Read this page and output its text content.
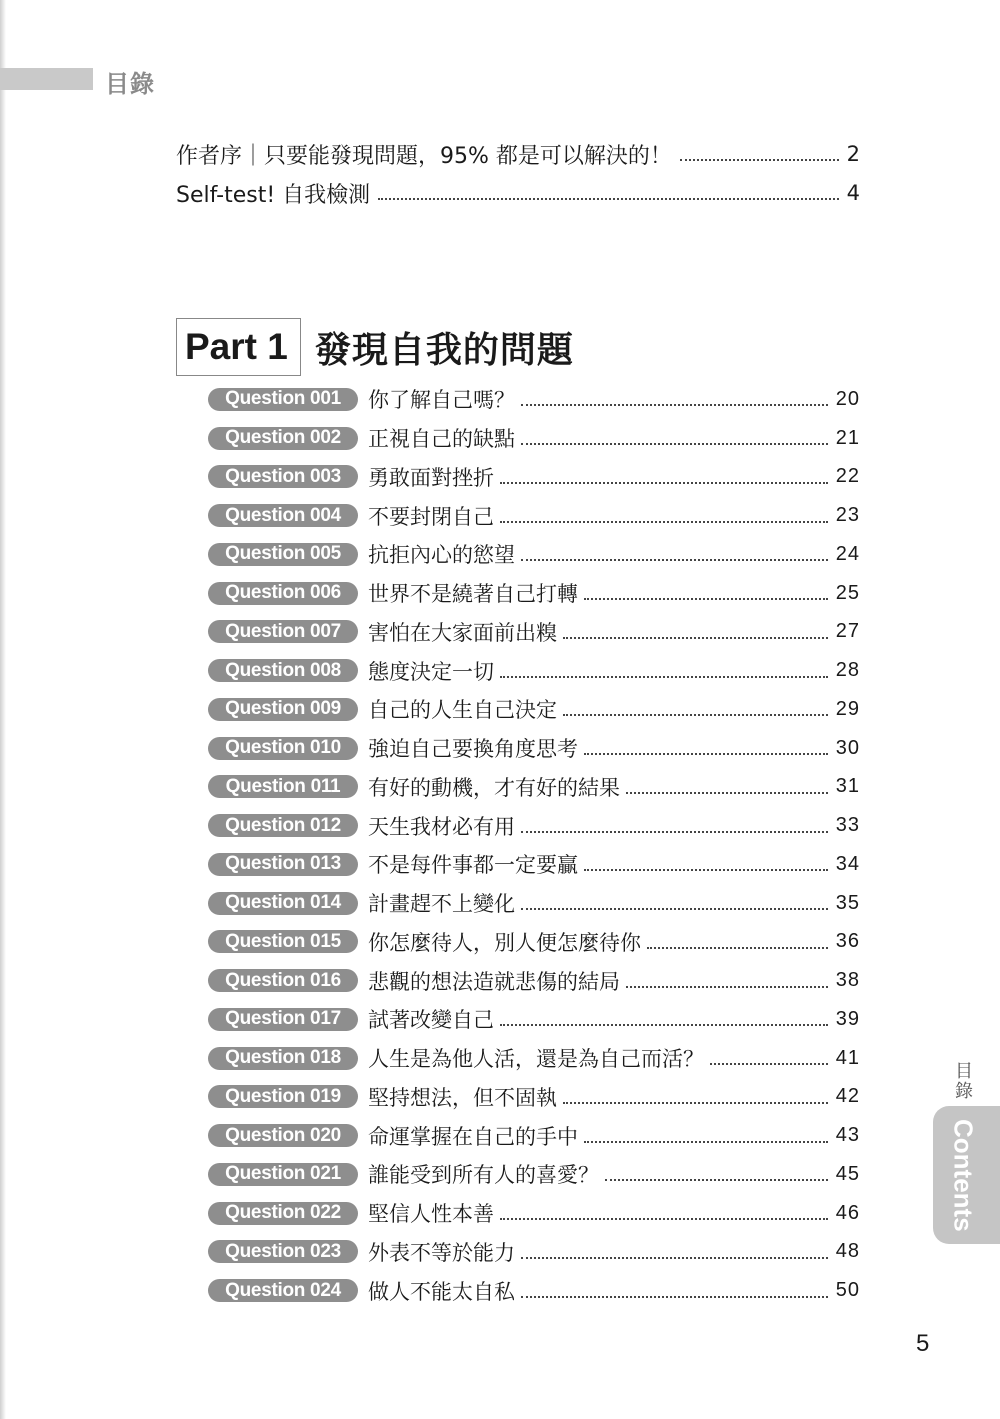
目錄
作者序｜只要能發現問題，95% 都是可以解決的！	2
Self-test! 自我檢測	4
Part 1 發現自我的問題
Question 001	你了解自己嗎？	20
Question 002	正視自己的缺點	21
Question 003	勇敢面對挫折	22
Question 004	不要封閉自己	23
Question 005	抗拒內心的慾望	24
Question 006	世界不是繞著自己打轉	25
Question 007	害怕在大家面前出糗	27
Question 008	態度決定一切	28
Question 009	自己的人生自己決定	29
Question 010	強迫自己要換角度思考	30
Question 011	有好的動機，才有好的結果	31
Question 012	天生我材必有用	33
Question 013	不是每件事都一定要贏	34
Question 014	計畫趕不上變化	35
Question 015	你怎麼待人，別人便怎麼待你	36
Question 016	悲觀的想法造就悲傷的結局	38
Question 017	試著改變自己	39
Question 018	人生是為他人活，還是為自己而活？	41
Question 019	堅持想法，但不固執	42
Question 020	命運掌握在自己的手中	43
Question 021	誰能受到所有人的喜愛？	45
Question 022	堅信人性本善	46
Question 023	外表不等於能力	48
Question 024	做人不能太自私	50
目錄
Contents
5
